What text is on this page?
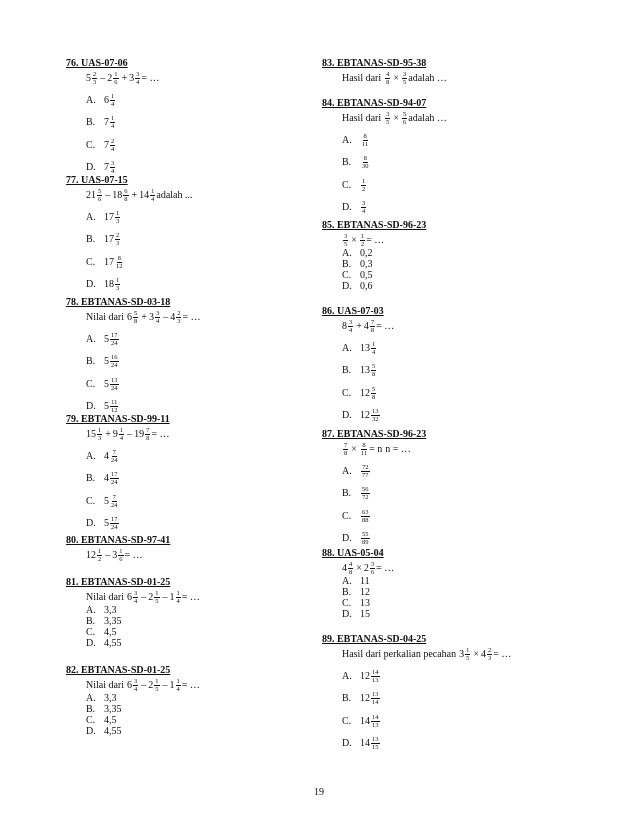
76. UAS-07-06
$5 \frac{2}{3} - 2 \frac{1}{6} + 3 \frac{3}{4}$ = …
A. $6 \frac{1}{4}$
B. $7 \frac{1}{4}$
C. $7 \frac{2}{4}$
D. $7 \frac{3}{4}$
77. UAS-07-15
$21 \frac{5}{6} - 18 \frac{6}{8} + 14 \frac{1}{4}$ adalah ...
A. $17 \frac{1}{3}$
B. $17 \frac{2}{3}$
C. $17 \frac{8}{12}$
D. $18 \frac{1}{3}$
78. EBTANAS-SD-03-18
Nilai dari $6 \frac{5}{8} + 3 \frac{3}{4} - 4 \frac{2}{3}$ = …
A. $5 \frac{17}{24}$
B. $5 \frac{16}{24}$
C. $5 \frac{13}{24}$
D. $5 \frac{11}{12}$
79. EBTANAS-SD-99-11
$15 \frac{1}{3} + 9 \frac{1}{4} - 19 \frac{7}{8}$ = …
A. $4 \frac{7}{24}$
B. $4 \frac{17}{24}$
C. $5 \frac{7}{24}$
D. $5 \frac{17}{24}$
80. EBTANAS-SD-97-41
$12 \frac{1}{2} - 3 \frac{1}{6}$ = …
81. EBTANAS-SD-01-25
Nilai dari $6 \frac{3}{4} - 2 \frac{1}{5} - 1 \frac{1}{4}$ = …
A. 3,3
B. 3,35
C. 4,5
D. 4,55
82. EBTANAS-SD-01-25
Nilai dari $6 \frac{3}{4} - 2 \frac{1}{5} - 1 \frac{1}{4}$ = …
A. 3,3
B. 3,35
C. 4,5
D. 4,55
83. EBTANAS-SD-95-38
Hasil dari $\frac{4}{8} \times \frac{3}{5}$ adalah …
84. EBTANAS-SD-94-07
Hasil dari $\frac{3}{5} \times \frac{5}{6}$ adalah …
A.	$\frac{8}{11}$
B.	$\frac{8}{30}$
C.	$\frac{1}{2}$
D.	$\frac{3}{4}$
85. EBTANAS-SD-96-23
$\frac{3}{5} \times \frac{1}{2}$ = …
A. 0,2
B. 0,3
C. 0,5
D. 0,6
86. UAS-07-03
$8 \frac{3}{4} + 4 \frac{7}{8}$ = …
A. $13 \frac{1}{4}$
B. $13 \frac{5}{8}$
C. $12 \frac{5}{8}$
D. $12 \frac{13}{32}$
87. EBTANAS-SD-96-23
$\frac{7}{8} \times \frac{8}{11} = n$ n = …
A.	$\frac{72}{77}$
B.	$\frac{56}{72}$
C.	$\frac{63}{88}$
D.	$\frac{55}{89}$
88. UAS-05-04
$4 \frac{4}{8} \times 2 \frac{3}{6}$ = …
A. 11
B. 12
C. 13
D. 15
89. EBTANAS-SD-04-25
Hasil dari perkalian pecahan $3 \frac{1}{5} \times 4 \frac{2}{3}$ = …
A. $12 \frac{14}{13}$
B. $12 \frac{13}{14}$
C. $14 \frac{14}{13}$
D. $14 \frac{13}{15}$
19
